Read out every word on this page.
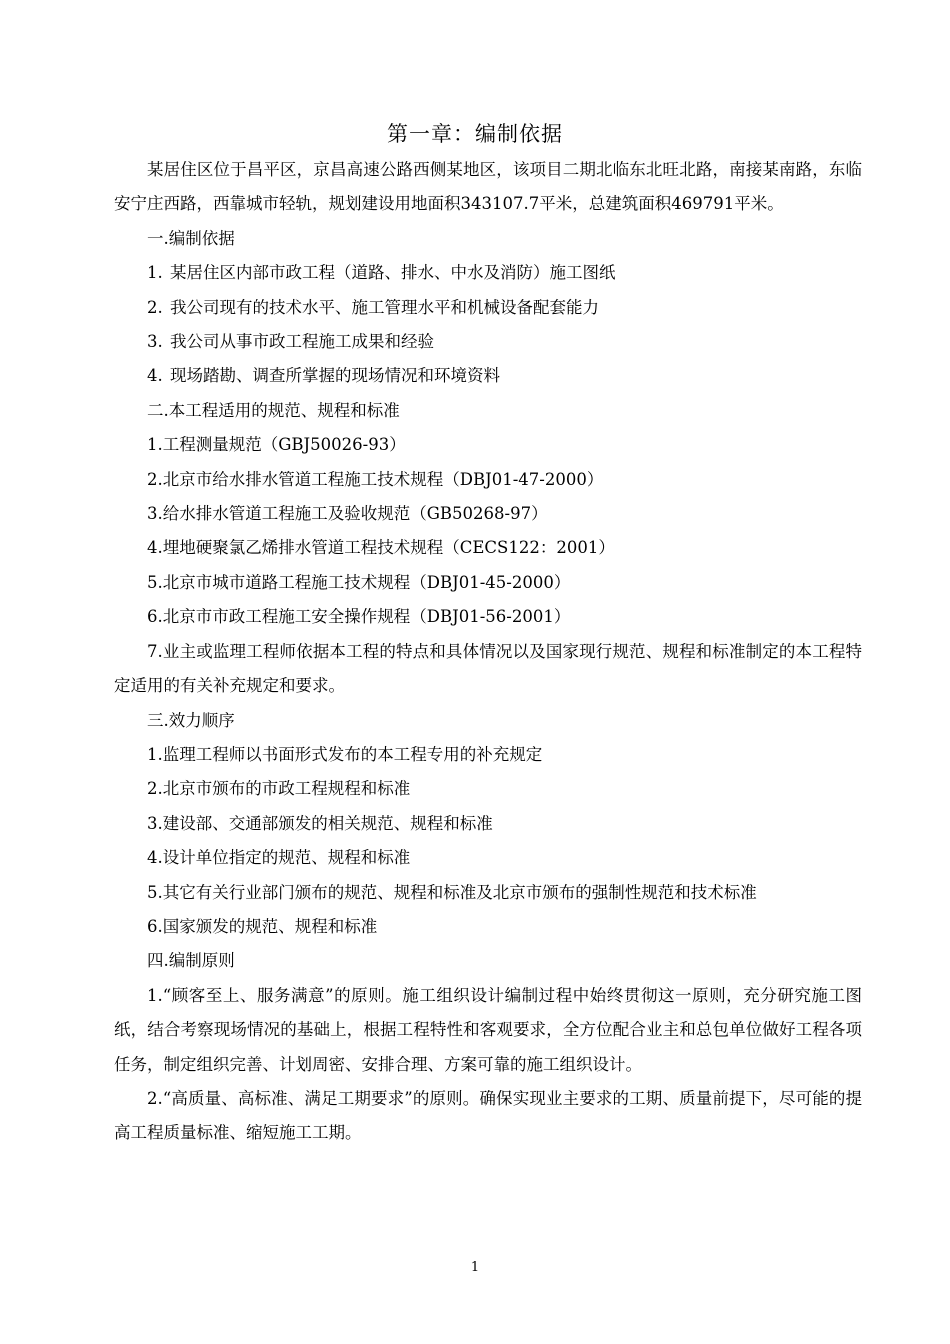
第一章：编制依据

某居住区位于昌平区，京昌高速公路西侧某地区，该项目二期北临东北旺北路，南接某南路，东临安宁庄西路，西靠城市轻轨，规划建设用地面积343107.7平米，总建筑面积469791平米。

一.编制依据

1. 某居住区内部市政工程（道路、排水、中水及消防）施工图纸

2. 我公司现有的技术水平、施工管理水平和机械设备配套能力

3. 我公司从事市政工程施工成果和经验

4. 现场踏勘、调查所掌握的现场情况和环境资料

二.本工程适用的规范、规程和标准

1.工程测量规范（GBJ50026-93）

2.北京市给水排水管道工程施工技术规程（DBJ01-47-2000）

3.给水排水管道工程施工及验收规范（GB50268-97）

4.埋地硬聚氯乙烯排水管道工程技术规程（CECS122：2001）

5.北京市城市道路工程施工技术规程（DBJ01-45-2000）

6.北京市市政工程施工安全操作规程（DBJ01-56-2001）

7.业主或监理工程师依据本工程的特点和具体情况以及国家现行规范、规程和标准制定的本工程特定适用的有关补充规定和要求。

三.效力顺序

1.监理工程师以书面形式发布的本工程专用的补充规定

2.北京市颁布的市政工程规程和标准

3.建设部、交通部颁发的相关规范、规程和标准

4.设计单位指定的规范、规程和标准

5.其它有关行业部门颁布的规范、规程和标准及北京市颁布的强制性规范和技术标准

6.国家颁发的规范、规程和标准

四.编制原则

1.“顾客至上、服务满意”的原则。施工组织设计编制过程中始终贯彻这一原则，充分研究施工图纸，结合考察现场情况的基础上，根据工程特性和客观要求，全方位配合业主和总包单位做好工程各项任务，制定组织完善、计划周密、安排合理、方案可靠的施工组织设计。

2.“高质量、高标准、满足工期要求”的原则。确保实现业主要求的工期、质量前提下，尽可能的提高工程质量标准、缩短施工工期。

1
